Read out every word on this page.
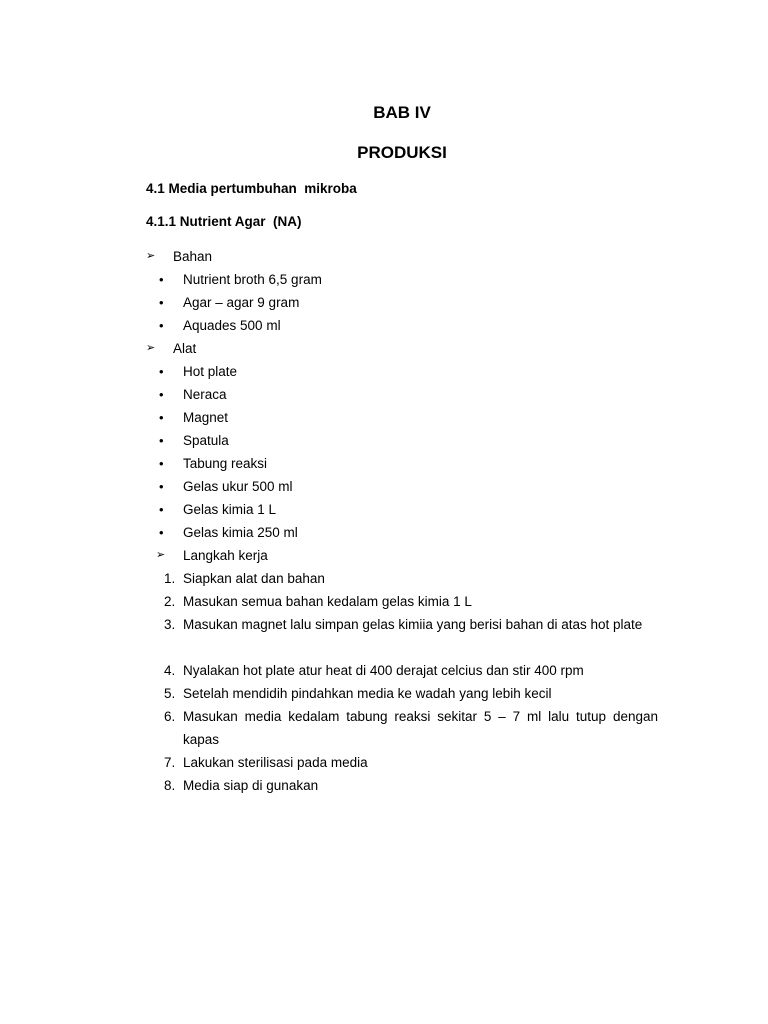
BAB IV
PRODUKSI

4.1 Media pertumbuhan  mikroba

4.1.1 Nutrient Agar  (NA)

➢ Bahan
• Nutrient broth 6,5 gram
• Agar – agar 9 gram
• Aquades 500 ml
➢ Alat
• Hot plate
• Neraca
• Magnet
• Spatula
• Tabung reaksi
• Gelas ukur 500 ml
• Gelas kimia 1 L
• Gelas kimia 250 ml
➢ Langkah kerja
1. Siapkan alat dan bahan
2. Masukan semua bahan kedalam gelas kimia 1 L
3. Masukan magnet lalu simpan gelas kimiia yang berisi bahan di atas hot plate
4. Nyalakan hot plate atur heat di 400 derajat celcius dan stir 400 rpm
5. Setelah mendidih pindahkan media ke wadah yang lebih kecil
6. Masukan media kedalam tabung reaksi sekitar 5 – 7 ml lalu tutup dengan kapas
7. Lakukan sterilisasi pada media
8. Media siap di gunakan
